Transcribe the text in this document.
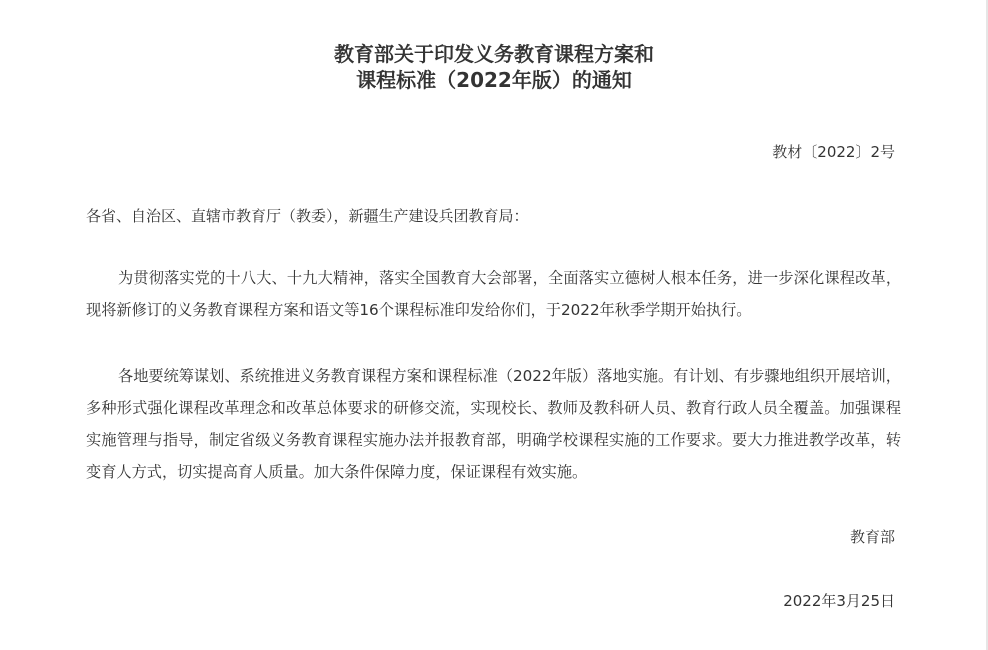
教育部关于印发义务教育课程方案和
课程标准（2022年版）的通知
教材〔2022〕2号
各省、自治区、直辖市教育厅（教委），新疆生产建设兵团教育局：

为贯彻落实党的十八大、十九大精神，落实全国教育大会部署，全面落实立德树人根本任务，进一步深化课程改革，现将新修订的义务教育课程方案和语文等16个课程标准印发给你们，于2022年秋季学期开始执行。

各地要统筹谋划、系统推进义务教育课程方案和课程标准（2022年版）落地实施。有计划、有步骤地组织开展培训，多种形式强化课程改革理念和改革总体要求的研修交流，实现校长、教师及教科研人员、教育行政人员全覆盖。加强课程实施管理与指导，制定省级义务教育课程实施办法并报教育部，明确学校课程实施的工作要求。要大力推进教学改革，转变育人方式，切实提高育人质量。加大条件保障力度，保证课程有效实施。

教育部
2022年3月25日
